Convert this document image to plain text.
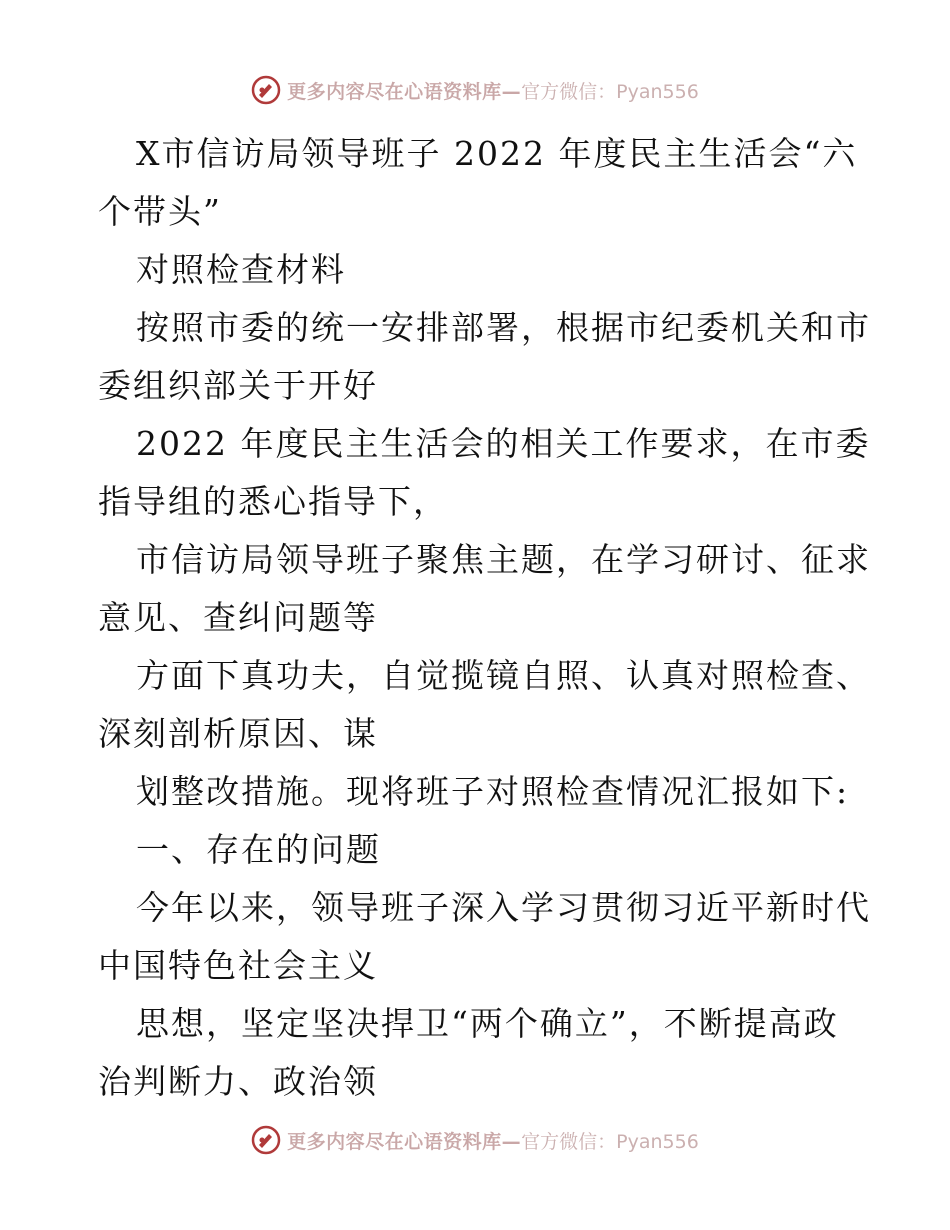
更多内容尽在心语资料库— 官方微信：Pyan556
X市信访局领导班子 2022 年度民主生活会“六
个带头”
对照检查材料
按照市委的统一安排部署，根据市纪委机关和市
委组织部关于开好
2022 年度民主生活会的相关工作要求，在市委
指导组的悉心指导下，
市信访局领导班子聚焦主题，在学习研讨、征求
意见、查纠问题等
方面下真功夫，自觉揽镜自照、认真对照检查、
深刻剖析原因、谋
划整改措施。现将班子对照检查情况汇报如下:
一、存在的问题
今年以来，领导班子深入学习贯彻习近平新时代
中国特色社会主义
思想，坚定坚决捍卫“两个确立”，不断提高政
治判断力、政治领
更多内容尽在心语资料库— 官方微信：Pyan556
